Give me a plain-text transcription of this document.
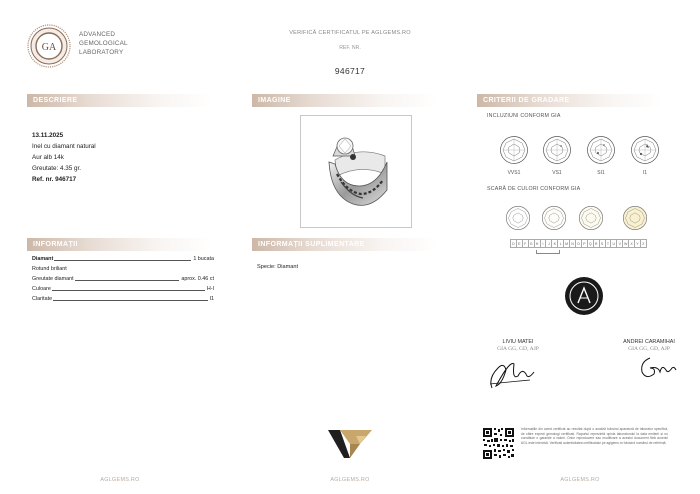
GA
ADVANCED
GEMOLOGICAL
LABORATORY
VERIFICĂ CERTIFICATUL PE AGLGEMS.RO
REF. NR.
946717
DESCRIERE	IMAGINE	CRITERII DE GRADARE
INFORMAȚII	INFORMAȚII SUPLIMENTARE
13.11.2025
Inel cu diamant natural
Aur alb 14k
Greutate: 4.35 gr.
Ref. nr. 946717
INCLUZIUNI CONFORM GIA
VVS1	VS1	SI1	I1
SCARĂ DE CULORI CONFORM GIA
D E F G H	I	J	K	L M N O P Q R S T U V W X Y Z
Diamant	1 bucata
Rotund briliant
Greutate diamant	aprox. 0.46 ct
Culoare	H-I
Claritate	I1
Specie: Diamant
LIVIU MATEI
GIA GG, GD, AJP
ANDREI CARAMIHAI
GIA GG, GD, AJP
Informațiile din acest certificat au rezultat după o analiză folosind aparatură de laborator specifică, de către experți gemologi certificați. Raportul reprezintă opinia laboratorului la data emiterii și nu constituie o garanție a valorii. Orice reproducere sau modificare a acestui document fără acordul AGL este interzisă. Verificați autenticitatea certificatului pe aglgems.ro folosind numărul de referință.
AGLGEMS.RO	AGLGEMS.RO	AGLGEMS.RO
